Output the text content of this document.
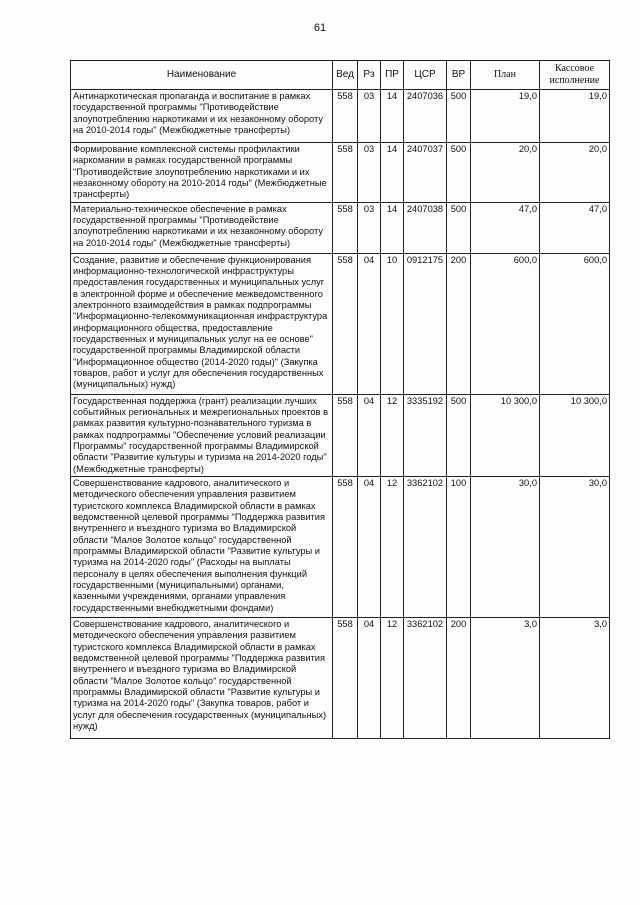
61
Наименование	Вед	Рз	ПР	ЦСР	ВР	План	Кассовое исполнение
Антинаркотическая пропаганда и воспитание в рамках государственной программы "Противодействие злоупотреблению наркотиками и их незаконному обороту на 2010-2014 годы" (Межбюджетные трансферты)	558	03	14	2407036	500	19,0	19,0
Формирование комплексной системы профилактики наркомании в рамках государственной программы "Противодействие злоупотреблению наркотиками и их незаконному обороту на 2010-2014 годы" (Межбюджетные трансферты)	558	03	14	2407037	500	20,0	20,0
Материально-техническое обеспечение в рамках государственной программы "Противодействие злоупотреблению наркотиками и их незаконному обороту на 2010-2014 годы" (Межбюджетные трансферты)	558	03	14	2407038	500	47,0	47,0
Создание, развитие и обеспечение функционирования информационно-технологической инфраструктуры предоставления государственных и муниципальных услуг в электронной форме и обеспечение межведомственного электронного взаимодействия в рамках подпрограммы "Информационно-телекоммуникационная инфраструктура информационного общества, предоставление государственных и муниципальных услуг на ее основе" государственной программы Владимирской области "Информационное общество (2014-2020 годы)" (Закупка товаров, работ и услуг для обеспечения государственных (муниципальных) нужд)	558	04	10	0912175	200	600,0	600,0
Государственная поддержка (грант) реализации лучших событийных региональных и межрегиональных проектов в рамках развития культурно-познавательного туризма в рамках подпрограммы "Обеспечение условий реализации Программы" государственной программы Владимирской области "Развитие культуры и туризма на 2014-2020 годы" (Межбюджетные трансферты)	558	04	12	3335192	500	10 300,0	10 300,0
Совершенствование кадрового, аналитического и методического обеспечения управления развитием туристского комплекса Владимирской области в рамках ведомственной целевой программы "Поддержка развития внутреннего и въездного туризма во Владимирской области "Малое Золотое кольцо" государственной программы Владимирской области "Развитие культуры и туризма на 2014-2020 годы" (Расходы на выплаты персоналу в целях обеспечения выполнения функций государственными (муниципальными) органами, казенными учреждениями, органами управления государственными внебюджетными фондами)	558	04	12	3362102	100	30,0	30,0
Совершенствование кадрового, аналитического и методического обеспечения управления развитием туристского комплекса Владимирской области в рамках ведомственной целевой программы "Поддержка развития внутреннего и въездного туризма во Владимирской области "Малое Золотое кольцо" государственной программы Владимирской области "Развитие культуры и туризма на 2014-2020 годы" (Закупка товаров, работ и услуг для обеспечения государственных (муниципальных) нужд)	558	04	12	3362102	200	3,0	3,0
